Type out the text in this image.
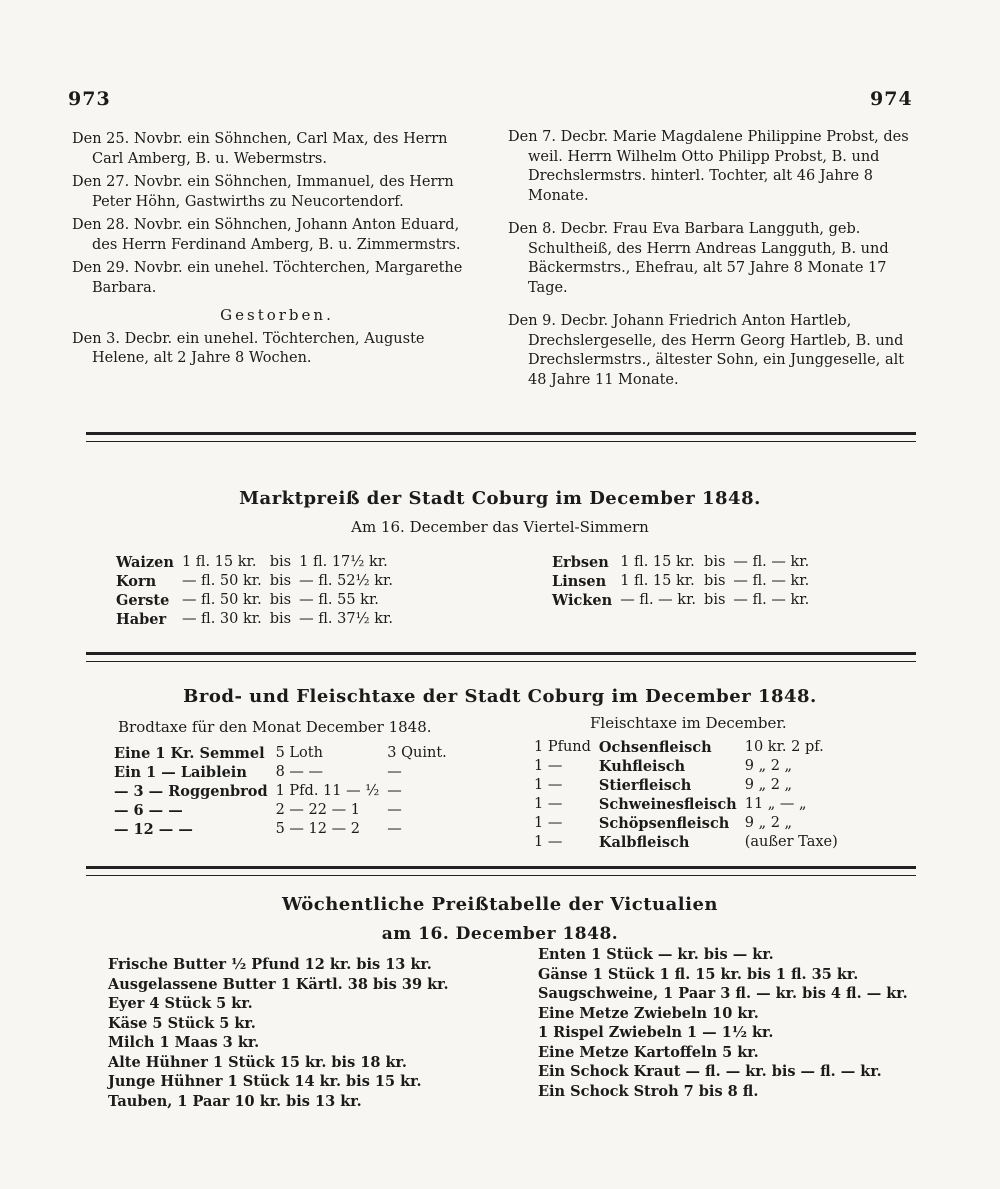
973	974

Den 25. Novbr. ein Söhnchen, Carl Max, des Herrn Carl Amberg, B. u. Webermstrs.

Den 27. Novbr. ein Söhnchen, Immanuel, des Herrn Peter Höhn, Gastwirths zu Neucortendorf.

Den 28. Novbr. ein Söhnchen, Johann Anton Eduard, des Herrn Ferdinand Amberg, B. u. Zimmermstrs.

Den 29. Novbr. ein unehel. Töchterchen, Margarethe Barbara.

Gestorben.

Den 3. Decbr. ein unehel. Töchterchen, Auguste Helene, alt 2 Jahre 8 Wochen.

Den 7. Decbr. Marie Magdalene Philippine Probst, des weil. Herrn Wilhelm Otto Philipp Probst, B. und Drechslermstrs. hinterl. Tochter, alt 46 Jahre 8 Monate.

Den 8. Decbr. Frau Eva Barbara Langguth, geb. Schultheiß, des Herrn Andreas Langguth, B. und Bäckermstrs., Ehefrau, alt 57 Jahre 8 Monate 17 Tage.

Den 9. Decbr. Johann Friedrich Anton Hartleb, Drechslergeselle, des Herrn Georg Hartleb, B. und Drechslermstrs., ältester Sohn, ein Junggeselle, alt 48 Jahre 11 Monate.

Marktpreiß der Stadt Coburg im December 1848.
Am 16. December das Viertel-Simmern
Waizen	1 fl. 15 kr.	bis	1 fl. 17½ kr.
Korn	— fl. 50 kr.	bis	— fl. 52½ kr.
Gerste	— fl. 50 kr.	bis	— fl. 55 kr.
Haber	— fl. 30 kr.	bis	— fl. 37½ kr.
Erbsen	1 fl. 15 kr.	bis	— fl. — kr.
Linsen	1 fl. 15 kr.	bis	— fl. — kr.
Wicken	— fl. — kr.	bis	— fl. — kr.
Brod- und Fleischtaxe der Stadt Coburg im December 1848.
Brodtaxe für den Monat December 1848.	Fleischtaxe im December.
Eine 1 Kr. Semmel	5 Loth	3 Quint.
Ein 1 — Laiblein	8 — —	—
— 3 — Roggenbrod	1 Pfd. 11 — ½	—
— 6 — —	2 — 22 — 1	—
— 12 — —	5 — 12 — 2	—
1 Pfund	Ochsenfleisch	10 kr. 2 pf.
1 —	Kuhfleisch	9 „ 2 „
1 —	Stierfleisch	9 „ 2 „
1 —	Schweinesfleisch	11 „ — „
1 —	Schöpsenfleisch	9 „ 2 „
1 —	Kalbfleisch	(außer Taxe)
Wöchentliche Preißtabelle der Victualien
am 16. December 1848.
Frische Butter ½ Pfund 12 kr. bis 13 kr.
Ausgelassene Butter 1 Kärtl. 38 bis 39 kr.
Eyer 4 Stück 5 kr.
Käse 5 Stück 5 kr.
Milch 1 Maas 3 kr.
Alte Hühner 1 Stück 15 kr. bis 18 kr.
Junge Hühner 1 Stück 14 kr. bis 15 kr.
Tauben, 1 Paar 10 kr. bis 13 kr.
Enten 1 Stück — kr. bis — kr.
Gänse 1 Stück 1 fl. 15 kr. bis 1 fl. 35 kr.
Saugschweine, 1 Paar 3 fl. — kr. bis 4 fl. — kr.
Eine Metze Zwiebeln 10 kr.
1 Rispel Zwiebeln 1 — 1½ kr.
Eine Metze Kartoffeln 5 kr.
Ein Schock Kraut — fl. — kr. bis — fl. — kr.
Ein Schock Stroh 7 bis 8 fl.
